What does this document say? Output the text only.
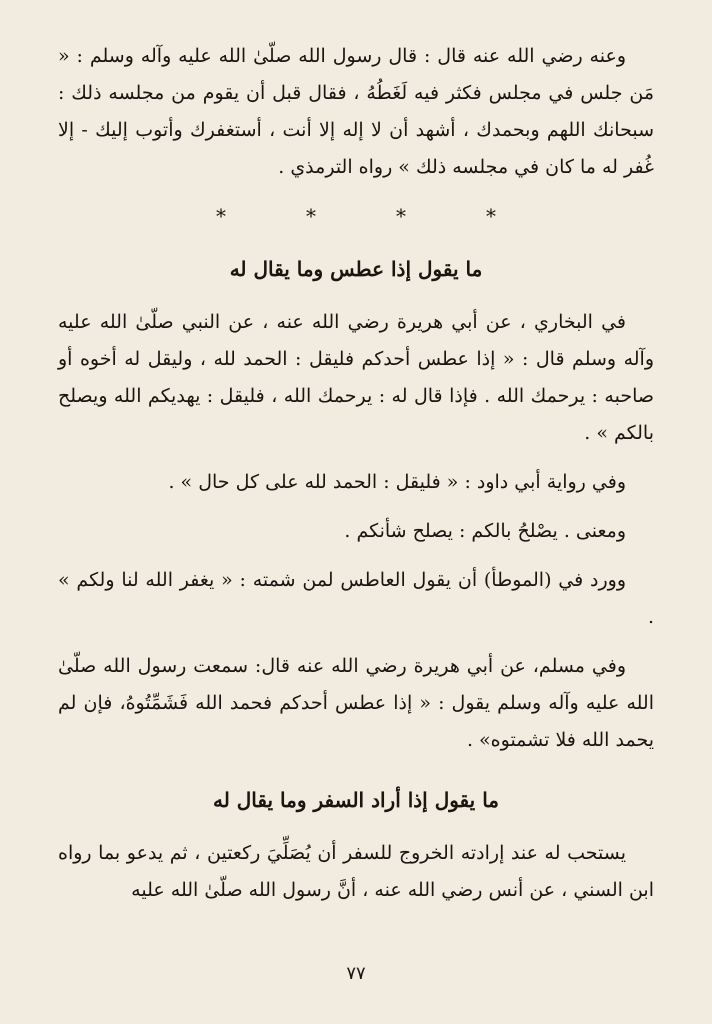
وعنه رضي الله عنه قال : قال رسول الله صلّىٰ الله عليه وآله وسلم : « مَن جلس في مجلس فكثر فيه لَغَطُهُ ، فقال قبل أن يقوم من مجلسه ذلك : سبحانك اللهم وبحمدك ، أشهد أن لا إله إلا أنت ، أستغفرك وأتوب إليك - إلا غُفر له ما كان في مجلسه ذلك » رواه الترمذي .

*	*	*	*
ما يقول إذا عطس وما يقال له

في البخاري ، عن أبي هريرة رضي الله عنه ، عن النبي صلّىٰ الله عليه وآله وسلم قال : « إذا عطس أحدكم فليقل : الحمد لله ، وليقل له أخوه أو صاحبه : يرحمك الله . فإذا قال له : يرحمك الله ، فليقل : يهديكم الله ويصلح بالكم » .

وفي رواية أبي داود : « فليقل : الحمد لله على كل حال » .

ومعنى . يصْلحُ بالكم : يصلح شأنكم .

وورد في (الموطأ) أن يقول العاطس لمن شمته : « يغفر الله لنا ولكم » .

وفي مسلم، عن أبي هريرة رضي الله عنه قال: سمعت رسول الله صلّىٰ الله عليه وآله وسلم يقول : « إذا عطس أحدكم فحمد الله فَشَمِّتُوهُ، فإن لم يحمد الله فلا تشمتوه» .

ما يقول إذا أراد السفر وما يقال له

يستحب له عند إرادته الخروج للسفر أن يُصَلِّيَ ركعتين ، ثم يدعو بما رواه ابن السني ، عن أنس رضي الله عنه ، أنَّ رسول الله صلّىٰ الله عليه

٧٧
